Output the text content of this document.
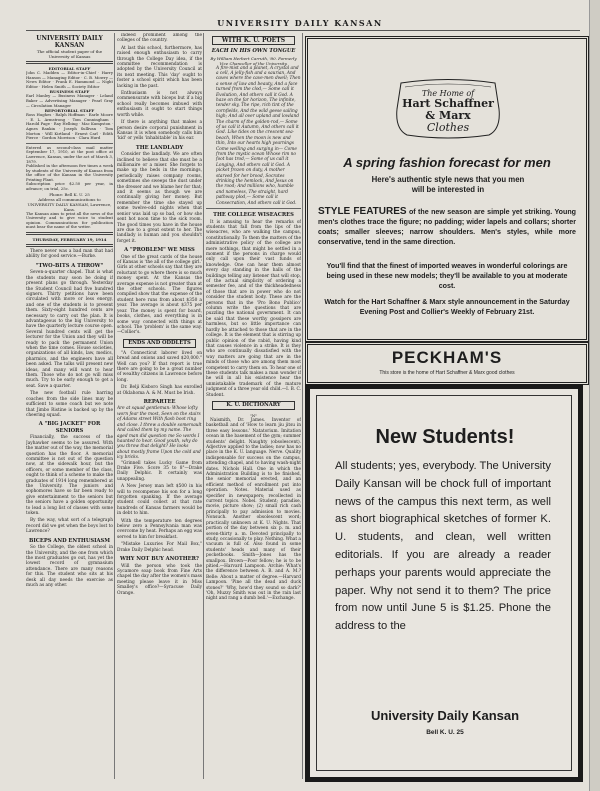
UNIVERSITY DAILY KANSAN
UNIVERSITY DAILY KANSAN

The official student paper of the University of Kansas

EDITORIAL STAFF

John C. Madden — Editor-in-Chief · Harry Hanson — Managing Editor · C. B. Mowry — News Editor · Frank E. Hammond — Night Editor · Helen Smith — Society Editor

BUSINESS STAFF

Earl Manley — Business Manager · Leland Baker — Advertising Manager · Pearl Gray — Circulation Manager

REPORTORIAL STAFF

Ross Hughes · Ralph Hoffman · Earle Moore · E. L. Armstrong · Tom Cunningham · Harold Page · Ray Helbing · Mac Kumpston · Agnes Rankin · Joseph Sullivan · Tom Morton · Will Kirtland · Ernest Carl · Edith Pierce · Gordon Morrison · Clara Hurd

Entered as second-class mail matter September 17, 1910, at the post office at Lawrence, Kansas, under the act of March 3, 1879.

Published in the afternoon five times a week by students of the University of Kansas from the office of the Kansan in the University Printing Plant.

Subscription price $2.50 per year, in advance; on trial, 25c.

Phone: Bell K. U. 25

Address all communications to UNIVERSITY DAILY KANSAN, Lawrence, Kans.

The Kansan aims to print all the news of the University and to give voice to student opinion. Communications for publication must bear the name of the writer.

THURSDAY, FEBRUARY 19, 1914

There never was a bad man that had ability for good service.—Burke.

"TWO-BITS A THROW"

Seven-a-quarter chapel. That is what the students may soon be doing if present plans go through. Yesterday the Student Council had five hundred signers. Thirty petitions have been circulated with more or less energy, and one of the students is to present them. Sixty-eight hundred cents are necessary to carry out the plan. It is advantageous to the big University to have the quarterly lecture course open. Several hundred cents will get the lecturer for the Union and they will be ready to pack the permanent Union when the time comes. House societies, organizations of all kinds, law, medics, pharmics, and the engineers have all been asked. The talks will present new ideas, and many will want to hear them. Those who do not go will miss much. Try to be early enough to get a seat. Save a quarter.

The new football rule barring coaches from the side lines may be sufficient to some coach but we note that Jimbo Ristine is backed up by the cheering squad.

A "BIG JACKET" FOR SENIORS

Financially, the success of the Jayhawker seems to be assured. With the matter out of the way, the memorial question has the floor. A memorial committee is not out of the question now, at the sidewalk hour, but the officers, or some member of the class, ought to think of a scheme to make the graduates of 1914 long remembered at the University. The juniors and sophomores have so far been ready to give entertainment to the seniors but the seniors have a golden opportunity to lead a long list of classes with some token.

By the way, what sort of a telegraph record did we get when the boys lost to Lawrence?

BICEPS AND ENTHUSIASM

So the College, the oldest school in the University, and the one from which the most graduates go out, has yet the lowest record of gymnasium attendance. There are many reasons for this. The student who sits at his desk all day needs the exercise as much as any other.

indeed prominent among the colleges of the country.

At last this school, furthermore, has raised enough enthusiasm to carry through the College Day idea, if the committee recommendation is adopted by the University Council at its next meeting. This 'day' ought to foster a school spirit which has been lacking in the past.

Enthusiasm is not always commensurate with biceps but if a big school really becomes imbued with enthusiasm it ought to start things worth while.

If there is anything that makes a person desire corporal punishment in Kansas it is when somebody calls him 'kid' or yells 'inhabitable' in his ear.

THE LANDLADY

Consider the landlady. We are often inclined to believe that she must be a millionaire or a miser. She forgets to make up the beds in the mornings, periodically raises company rooms, sometimes she sweeps the dust under the dresser and we blame her for that; and it seems as though we are continually giving her money. But remember the time she stayed up some twelve-odd nights when that senior was laid up so bad, or how she sent hot noon time to the sick room. The good times you have in the house are due to a great extent to her. The landlady is human and you shouldn't forget it.

A "PROBLEM" WE MISS

One of the great cards of the house of Kansas is 'the all of the college girl.' Girls at other schools say that they are reluctant to go where there is so much money spent. At the Kansas the average expense is not greater than at the other schools. The figures compiled show that the expense of the student here runs from about $350 a year. The average is about $375 per year. The money is spent for board, books, clothes, and everything is in some way connected with things at school. The 'problem' is the same way.—Collier's.

ENDS AND ODDLETS

"A Connecticut laborer lived on bread and onions and saved $20,000." Well can you? If that report is true there are going to be a great number of wealthy citizens in Lawrence before long.

Dr. Belji Kisboro Singh has enrolled at Oklahoma A. & M. Must be Irish.

REPARTEE

Are at squad gentleman: Whose lofty worn fear the most, Seen on the stairs of Adams street With flash boot ring and close. I threw a double somersault And called them by my name. The aged man did question me So words I haunted to hear. Good youth, why do you throw that delight? He looks about mostly frame Upon the cold and icy bricks.

"Grinnell takes Lucky Game from Drake Five. Score 35 to 8"—Drake Daily Delphic. It certainly was unappealing.

A New Jersey man left $500 in his will to recompense his son for a long forgotten spanking. If the average student could collect at that rate hundreds of Kansas farmers would be in debt to him.

With the temperature ten degrees below zero a Pennsylvania man was overcome by heat. Perhaps an egg was served to him for breakfast.

"Mistake Luxuries For Mail Box," Drake Daily Delphic head.

WHY NOT BUY ANOTHER?

Will the person who took the Sycamore soap book from Fine Arts chapel the day after the women's mass meeting please leave it in Miss Smalley's office?—Syracuse Daily Orange.

WITH K. U. POETS
EACH IN HIS OWN TONGUE

By William Herbert Carruth, '80. Formerly Vice Chancellor of the University.

A fire-mist and a planet, A crystal and a cell, A jelly-fish and a saurian, And caves where the cave-men dwell; Then a sense of law and beauty, And a face turned from the clod,— Some call it Evolution, And others call it God. A haze on the far horizon, The infinite, tender sky, The ripe, rich tint of the cornfields, And the wild geese sailing high; And all over upland and lowland The charm of the golden-rod,— Some of us call it Autumn, And others call it God. Like tides on the crescent sea-beach, When the moon is new and thin, Into our hearts high yearnings Come welling and surging in— Come from the mystic ocean Whose rim no foot has trod,— Some of us call it Longing, And others call it God. A picket frozen on duty, A mother starved for her brood, Socrates drinking the hemlock, And Jesus on the rood; And millions who, humble and nameless, The straight, hard pathway plod,— Some call it Consecration, And others call it God.

THE COLLEGE WISEACRES

It is amusing to hear the remarks of students that fall from the lips of the wiseacres, who are walking the campus, constitutionally. To them the matters of the administrative policy of the college are mere nothings, that might be settled in a moment if the persons in charge would only call upon their vast funds of knowledge. One can hear them almost every day standing in the halls of the buildings telling any listener that will stop, of the actual simplicity of ordering a semester fee, and of the thickheadedness of those that are in power who do not consider the student body. These are the persons that in the 'Pro Bono Publico' column write the questions that are puzzling the national government. It can be said that these worthy gossipers are harmless, but so little importance can hardly be attached to those that are in the college. It is the element that is stirring up public opinion of the rabid, having kind that causes violence in a strike. It is they who are continually dissatisfied with the way matters are going that are in the minds of those who are among them most competent to carry them on. To hear one of these students talk makes a man wonder if he will in all his existence hear the unmistakable trademark of the mature judgment of a three year old child.—I. B. C. Student.

K. U. DICTIONARY
"N"

Naismith, Dr. James. Inventor of basketball and of 'How to learn jiu jitsu in three easy lessons.' Natatorium. Imitation ocean in the basement of the gym; summer students' delight. Naughty (obsolescent). Adjective applied to the ladies; now has no place in the K. U. language. Nerve. Quality indispensable for success on the campus, attending chapel, and to having wash-night dates. Nichols Hall. One in which the Administration Building is to be finished, the senior memorial erected, and an efficient method of enrollment put into operation. Notes. Material used as specifier in newspapers; recollected in current topics. Nobel. Student; paradise, movie, picture show; (2) small rich cash principally to pay admission to movies. Nonsuch. Another obsolescent word; practically unknown at K. U. Nights. That portion of the day between six p. m. and seven-thirty a. m. Devoted principally to study, occasionally to play. Nothing. What a vacuum is full of. Also found in some students' heads and many of their pocketbooks. Smith—Jones has the smallpox. Brown—Poor fellow; he is to be pitied.—Harvard Lampoon. Archie: What's the difference between A. B. and A. M.? Belle: About a matter of degree.—Harvard Lampoon. 'Pine all the dead and duck stones?' 'Why, how'd they sound so dark?' 'Oh, Muzzy Smith was out in the rain last night and rang a dumb bell.'—Exchange.

The Home of
Hart Schaffner
& Marx
Clothes
A spring fashion forecast for men
Here's authentic style news that you men will be interested in
STYLE FEATURES of the new season are simple yet striking. Young men's clothes trace the figure; no padding; wider lapels and collars; shorter coats; smaller sleeves; narrow shoulders. Men's styles, while more conservative, tend in the same direction.
You'll find that the finest of imported weaves in wonderful colorings are being used in these new models; they'll be available to you at moderate cost.
Watch for the Hart Schaffner & Marx style announcement in the Saturday Evening Post and Collier's Weekly of February 21st.
PECKHAM'S
This store is the home of Hart Schaffner & Marx good clothes
New Students!
All students; yes, everybody. The University Daily Kansan will be chock full of important news of the campus this next term, as well as short biographical sketches of former K. U. students, and clean, well written editorials. If you are already a reader perhaps your parents would appreciate the paper. Why not send it to them? The price from now until June 5 is $1.25. Phone the address to the
University Daily Kansan
Bell K. U. 25
